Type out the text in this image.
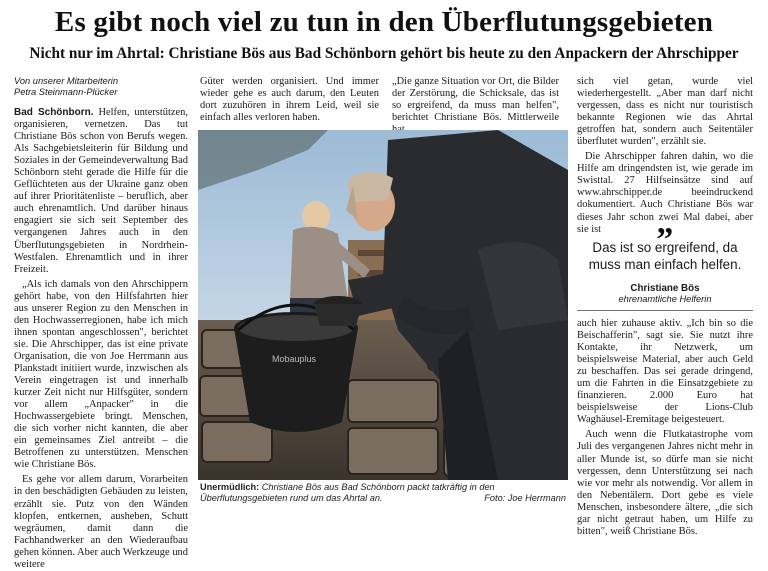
Es gibt noch viel zu tun in den Überflutungsgebieten
Nicht nur im Ahrtal: Christiane Bös aus Bad Schönborn gehört bis heute zu den Anpackern der Ahrschipper
Von unserer Mitarbeiterin
Petra Steinmann-Plücker

Bad Schönborn. Helfen, unterstützen, organisieren, vernetzen. Das tut Christiane Bös schon von Berufs wegen. Als Sachgebietsleiterin für Bildung und Soziales in der Gemeindeverwaltung Bad Schönborn steht gerade die Hilfe für die Geflüchteten aus der Ukraine ganz oben auf ihrer Prioritätenliste – beruflich, aber auch ehrenamtlich. Und darüber hinaus engagiert sie sich seit September des vergangenen Jahres auch in den Überflutungsgebieten in Nordrhein-Westfalen. Ehrenamtlich und in ihrer Freizeit.

„Als ich damals von den Ahrschippern gehört habe, von den Hilfsfahrten hier aus unserer Region zu den Menschen in den Hochwasserregionen, habe ich mich ihnen spontan angeschlossen", berichtet sie. Die Ahrschipper, das ist eine private Organisation, die von Joe Herrmann aus Plankstadt initiiert wurde, inzwischen als Verein eingetragen ist und innerhalb kurzer Zeit nicht nur Hilfsgüter, sondern vor allem „Anpacker" in die Hochwassergebiete bringt. Menschen, die sich vorher nicht kannten, die aber ein gemeinsames Ziel antreibt – die Betroffenen zu unterstützen. Menschen wie Christiane Bös.

Es gehe vor allem darum, Vorarbeiten in den beschädigten Gebäuden zu leisten, erzählt sie. Putz von den Wänden klopfen, entkernen, ausheben, Schutt wegräumen, damit dann die Fachhandwerker an den Wiederaufbau gehen können. Aber auch Werkzeuge und weitere

Güter werden organisiert. Und immer wieder gehe es auch darum, den Leuten dort zuzuhören in ihrem Leid, weil sie einfach alles verloren haben.

„Die ganze Situation vor Ort, die Bilder der Zerstörung, die Schicksale, das ist so ergreifend, da muss man helfen", berichtet Christiane Bös. Mittlerweile

sich viel getan, wurde viel wiederhergestellt. „Aber man darf nicht vergessen, dass es nicht nur touristisch bekannte Regionen wie das Ahrtal getroffen hat, sondern auch Seitentäler überflutet wurden", erzählt sie.

Die Ahrschipper fahren dahin, wo die Hilfe am dringendsten ist, wie gerade im Swisttal. 27 Hilfseinsätze sind auf www.ahrschipper.de beeindruckend dokumentiert. Auch Christiane Bös war dieses Jahr schon zwei Mal dabei, aber sie ist	„
Das ist so ergreifend, da muss man einfach helfen.
Christiane Bös
ehrenamtliche Helferin

auch hier zuhause aktiv. „Ich bin so die Beischafferin", sagt sie. Sie nutzt ihre Kontakte, ihr Netzwerk, um beispielsweise Material, aber auch Geld zu beschaffen. Das sei gerade dringend, um die Fahrten in die Einsatzgebiete zu finanzieren. 2.000 Euro hat beispielsweise der Lions-Club Waghäusel-Eremitage beigesteuert.

Auch wenn die Flutkatastrophe vom Juli des vergangenen Jahres nicht mehr in aller Munde ist, so dürfe man sie nicht vergessen, denn Unterstützung sei nach wie vor mehr als notwendig. Vor allem in den Nebentälern. Dort gebe es viele Menschen, insbesondere ältere, „die sich gar nicht getraut haben, um Hilfe zu bitten", weiß Christiane Bös.

Mobauplus
Unermüdlich: Christiane Bös aus Bad Schönborn packt tatkräftig in den Überflutungsgebieten rund um das Ahrtal an.	Foto: Joe Herrmann
